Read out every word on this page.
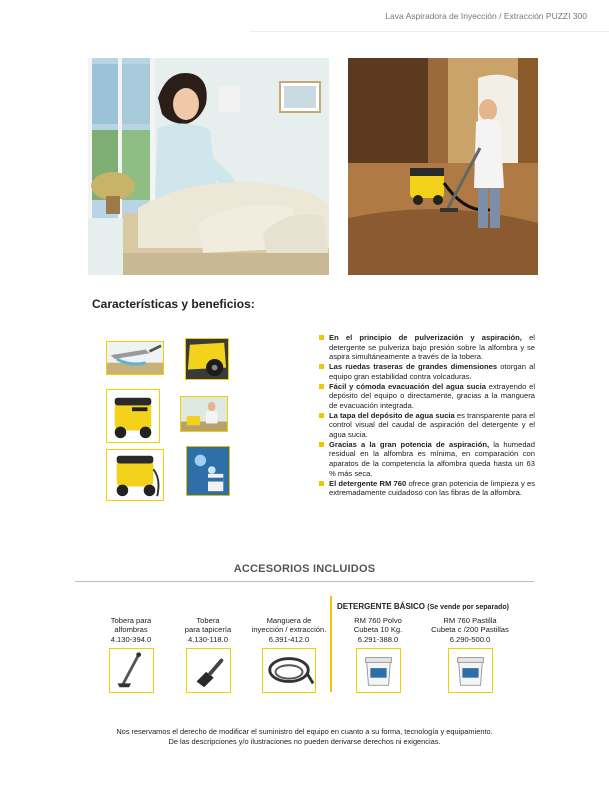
Lava Aspiradora de Inyección / Extracción PUZZI 300
Características y beneficios:
En el principio de pulverización y aspiración, el detergente se pulveriza bajo presión sobre la alfombra y se aspira simultáneamente a través de la tobera.
Las ruedas traseras de grandes dimensiones otorgan al equipo gran estabilidad contra volcaduras.
Fácil y cómoda evacuación del agua sucia extrayendo el depósito del equipo o directamente, gracias a la manguera de evacuación integrada.
La tapa del depósito de agua sucia es transparente para el control visual del caudal de aspiración del detergente y el agua sucia.
Gracias a la gran potencia de aspiración, la humedad residual en la alfombra es mínima, en comparación con aparatos de la competencia la alfombra queda hasta un 63 % más seca.
El detergente RM 760 ofrece gran potencia de limpieza y es extremadamente cuidadoso con las fibras de la alfombra.
ACCESORIOS INCLUIDOS
DETERGENTE BÁSICO (Se vende por separado)
Tobera para
alfombras
4.130-394.0
Tobera
para tapicería
4.130-118.0
Manguera de
inyección / extracción.
6.391-412.0
RM 760 Polvo
Cubeta 10 Kg.
6.291-388.0
RM 760 Pastilla
Cubeta c /200 Pastillas
6.290-500.0
Nos reservamos el derecho de modificar el suministro del equipo en cuanto a su forma, tecnología y equipamiento.
De las descripciones y/o ilustraciones no pueden derivarse derechos ni exigencias.
